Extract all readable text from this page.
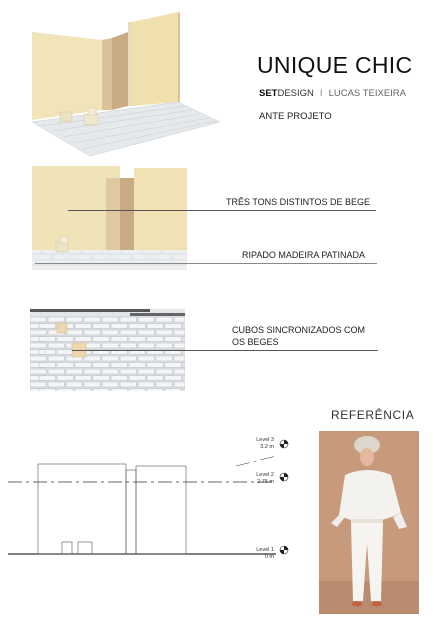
UNIQUE CHIC
SETDESIGN I LUCAS TEIXEIRA
ANTE PROJETO
TRÊS TONS DISTINTOS DE BEGE
RIPADO MADEIRA PATINADA
CUBOS SINCRONIZADOS COM
OS BEGES
Level 3
3.2 m
Level 2
2.75 m
Level 1
0 m
REFERÊNCIA
